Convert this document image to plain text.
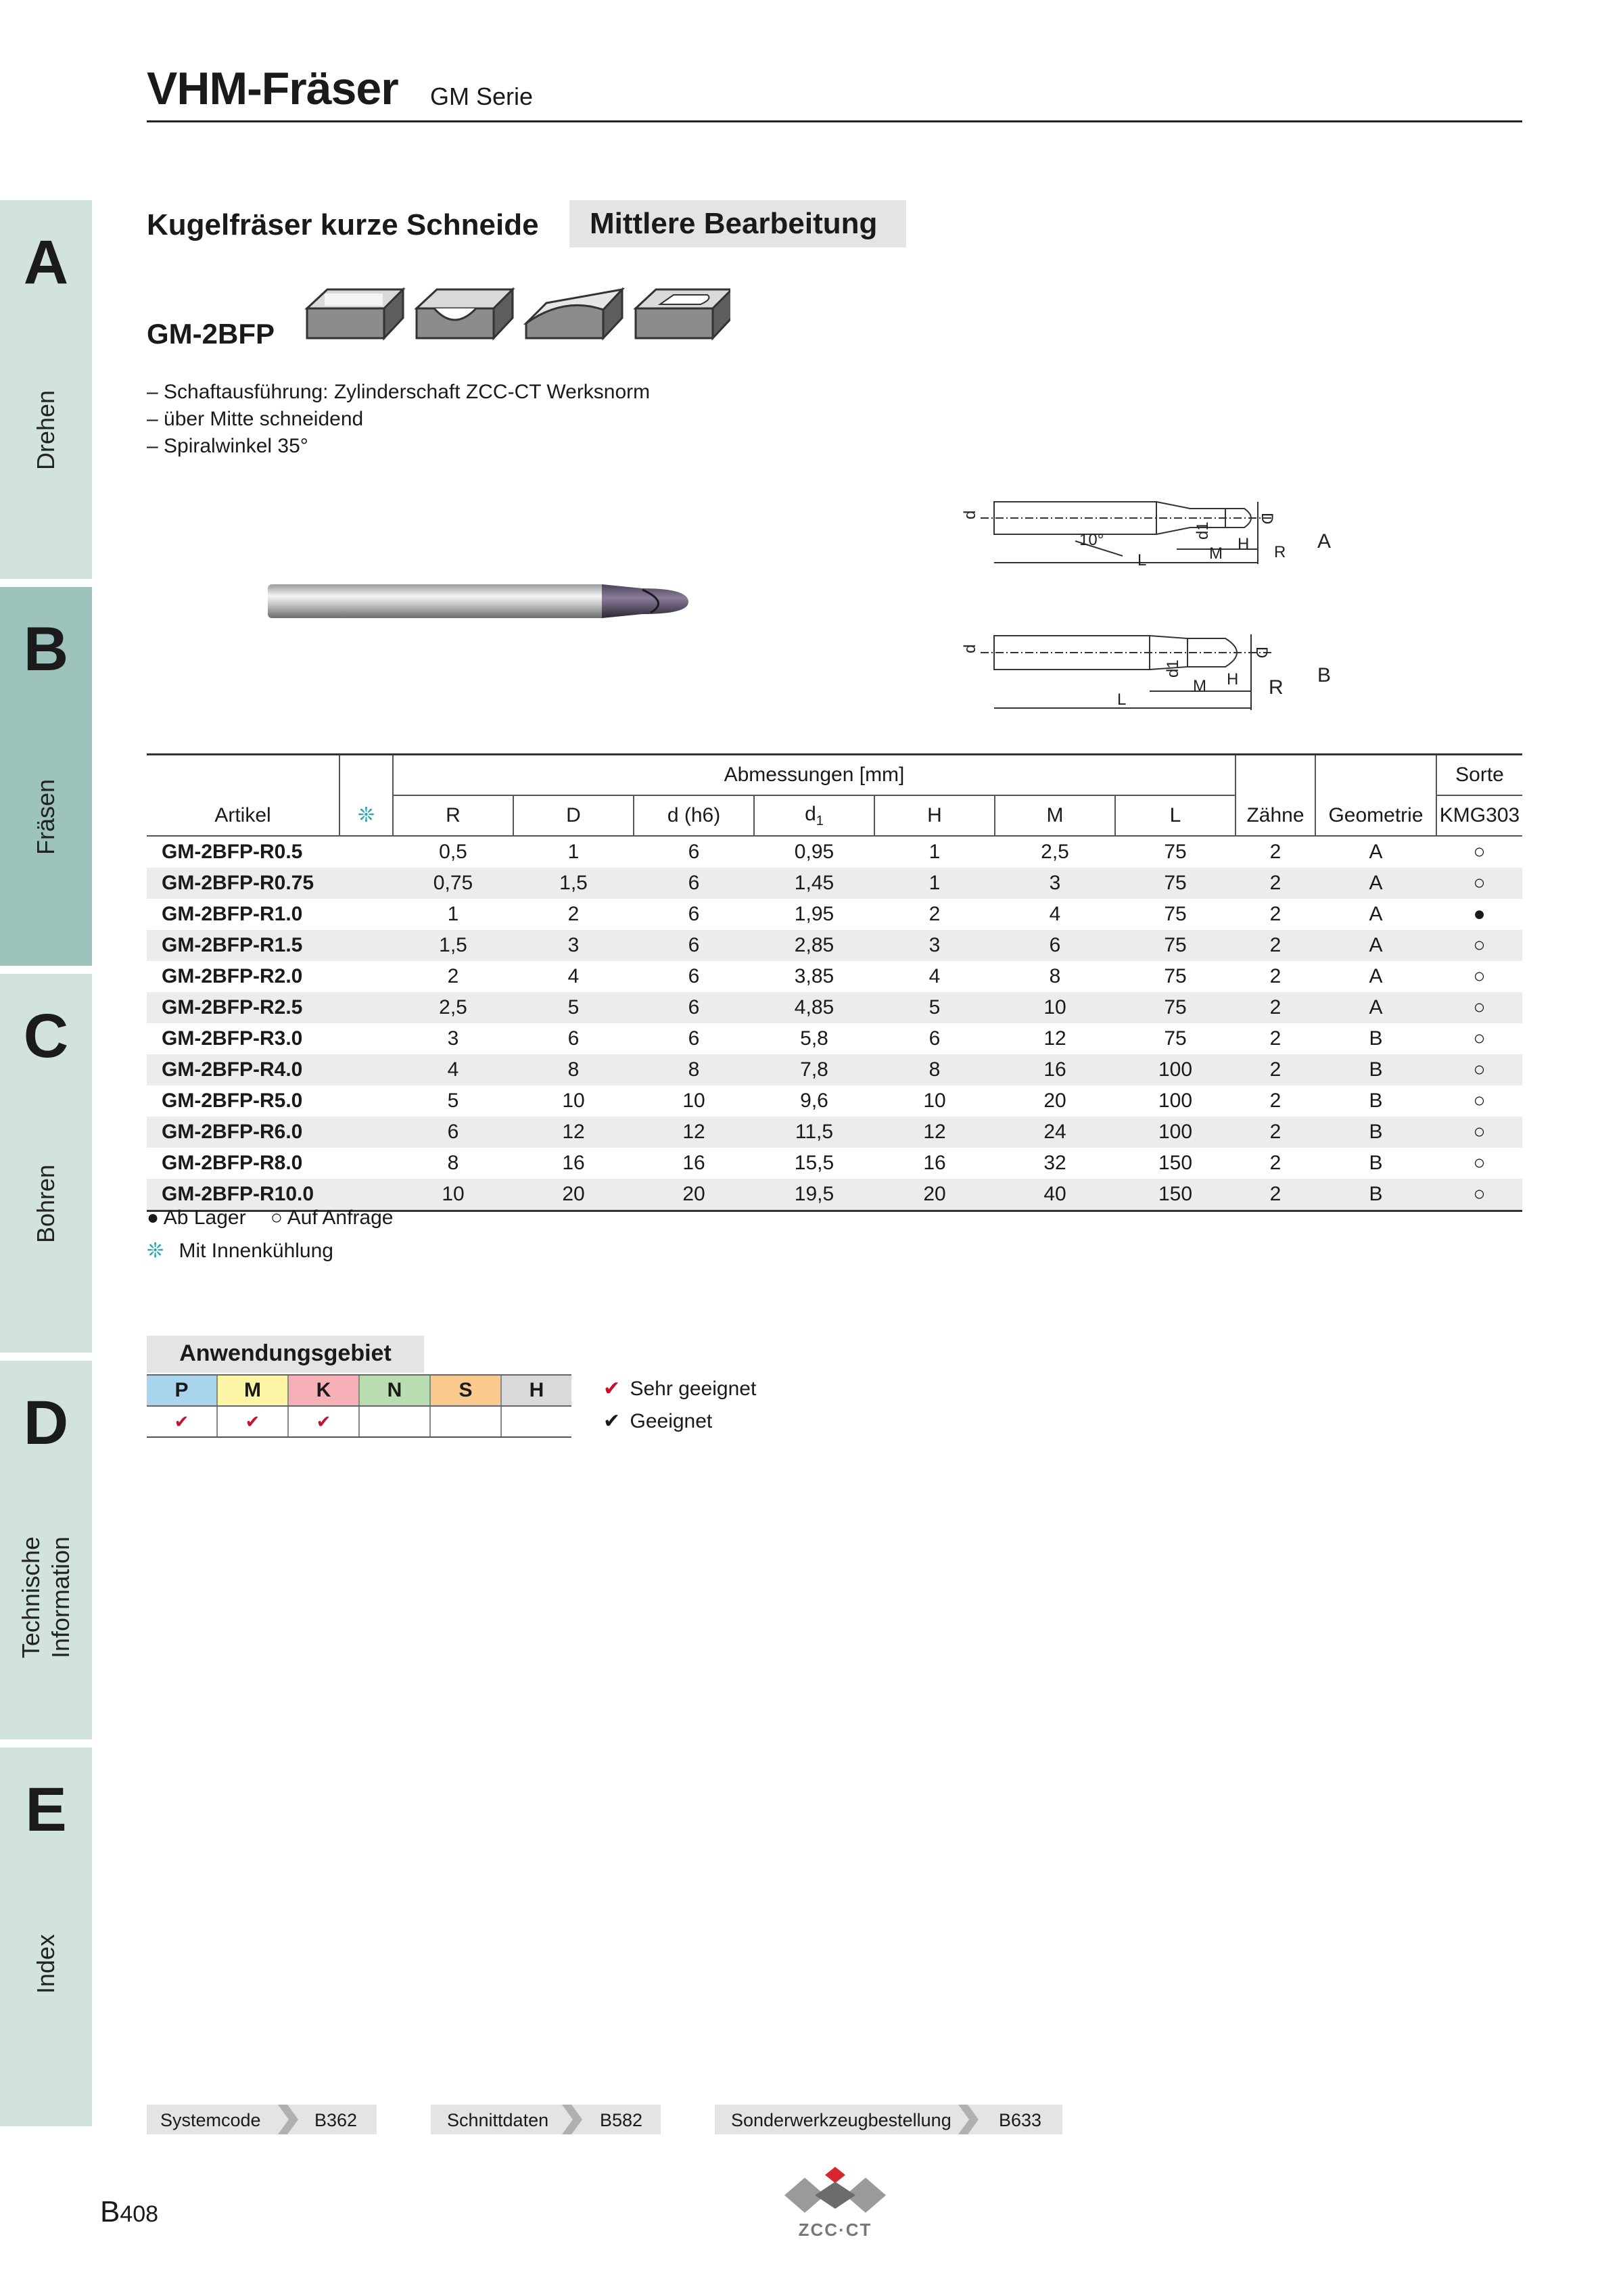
VHM-Fräser GM Serie
A
Drehen
B
Fräsen
C
Bohren
D
Technische
Information
E
Index
Kugelfräser kurze Schneide Mittlere Bearbeitung
GM-2BFP
– Schaftausführung: Zylinderschaft ZCC-CT Werksnorm
– über Mitte schneidend
– Spiralwinkel 35°
d
10°
L
d1
M
H
D
R A
d
L
d1
M H
D
R
B
Artikel	❊	Abmessungen [mm]							Zähne	Geometrie	Sorte
		R	D	d (h6)	$d_1$	H	M	L			KMG303

GM-2BFP-R0.5		0,5	1	6	0,95	1	2,5	75	2	A	○
GM-2BFP-R0.75		0,75	1,5	6	1,45	1	3	75	2	A	○
GM-2BFP-R1.0		1	2	6	1,95	2	4	75	2	A	●
GM-2BFP-R1.5		1,5	3	6	2,85	3	6	75	2	A	○
GM-2BFP-R2.0		2	4	6	3,85	4	8	75	2	A	○
GM-2BFP-R2.5		2,5	5	6	4,85	5	10	75	2	A	○
GM-2BFP-R3.0		3	6	6	5,8	6	12	75	2	B	○
GM-2BFP-R4.0		4	8	8	7,8	8	16	100	2	B	○
GM-2BFP-R5.0		5	10	10	9,6	10	20	100	2	B	○
GM-2BFP-R6.0		6	12	12	11,5	12	24	100	2	B	○
GM-2BFP-R8.0		8	16	16	15,5	16	32	150	2	B	○
GM-2BFP-R10.0		10	20	20	19,5	20	40	150	2	B	○
● Ab Lager ○ Auf Anfrage
❊ Mit Innenkühlung
Anwendungsgebiet
P	M	K	N	S	H
✔	✔	✔			
✔ Sehr geeignet
✔ Geeignet
Systemcode	B362	Schnittdaten	B582	Sonderwerkzeugbestellung	B633
B408
ZCC·CT
